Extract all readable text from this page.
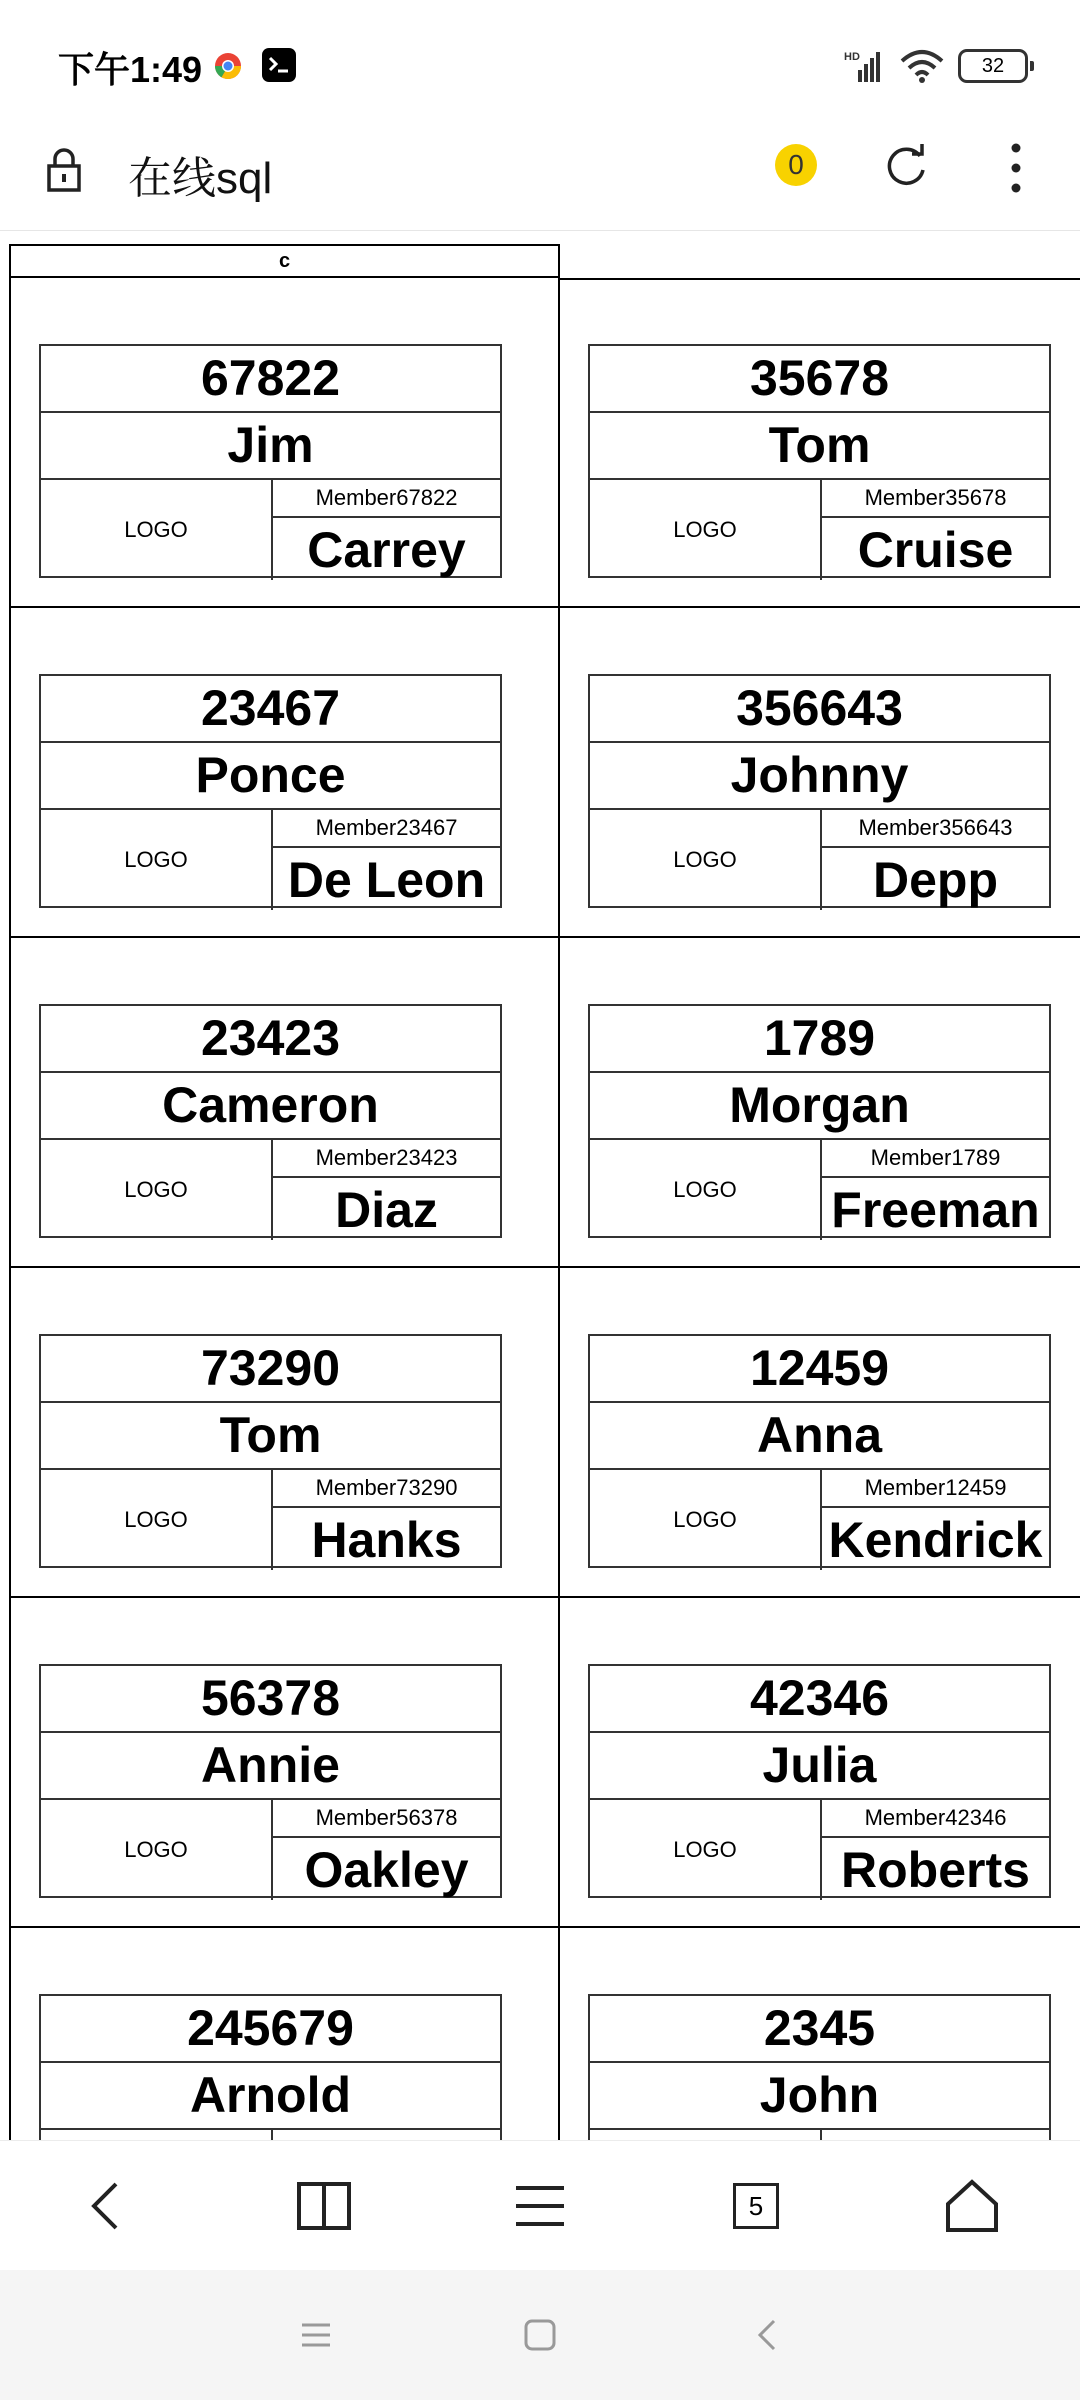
下午1:49	HD	32
在线sql	0
c
67822
Jim
LOGO
Member67822
Carrey
35678
Tom
LOGO
Member35678
Cruise
23467
Ponce
LOGO
Member23467
De Leon
356643
Johnny
LOGO
Member356643
Depp
23423
Cameron
LOGO
Member23423
Diaz
1789
Morgan
LOGO
Member1789
Freeman
73290
Tom
LOGO
Member73290
Hanks
12459
Anna
LOGO
Member12459
Kendrick
56378
Annie
LOGO
Member56378
Oakley
42346
Julia
LOGO
Member42346
Roberts
245679
Arnold
2345
John
5
